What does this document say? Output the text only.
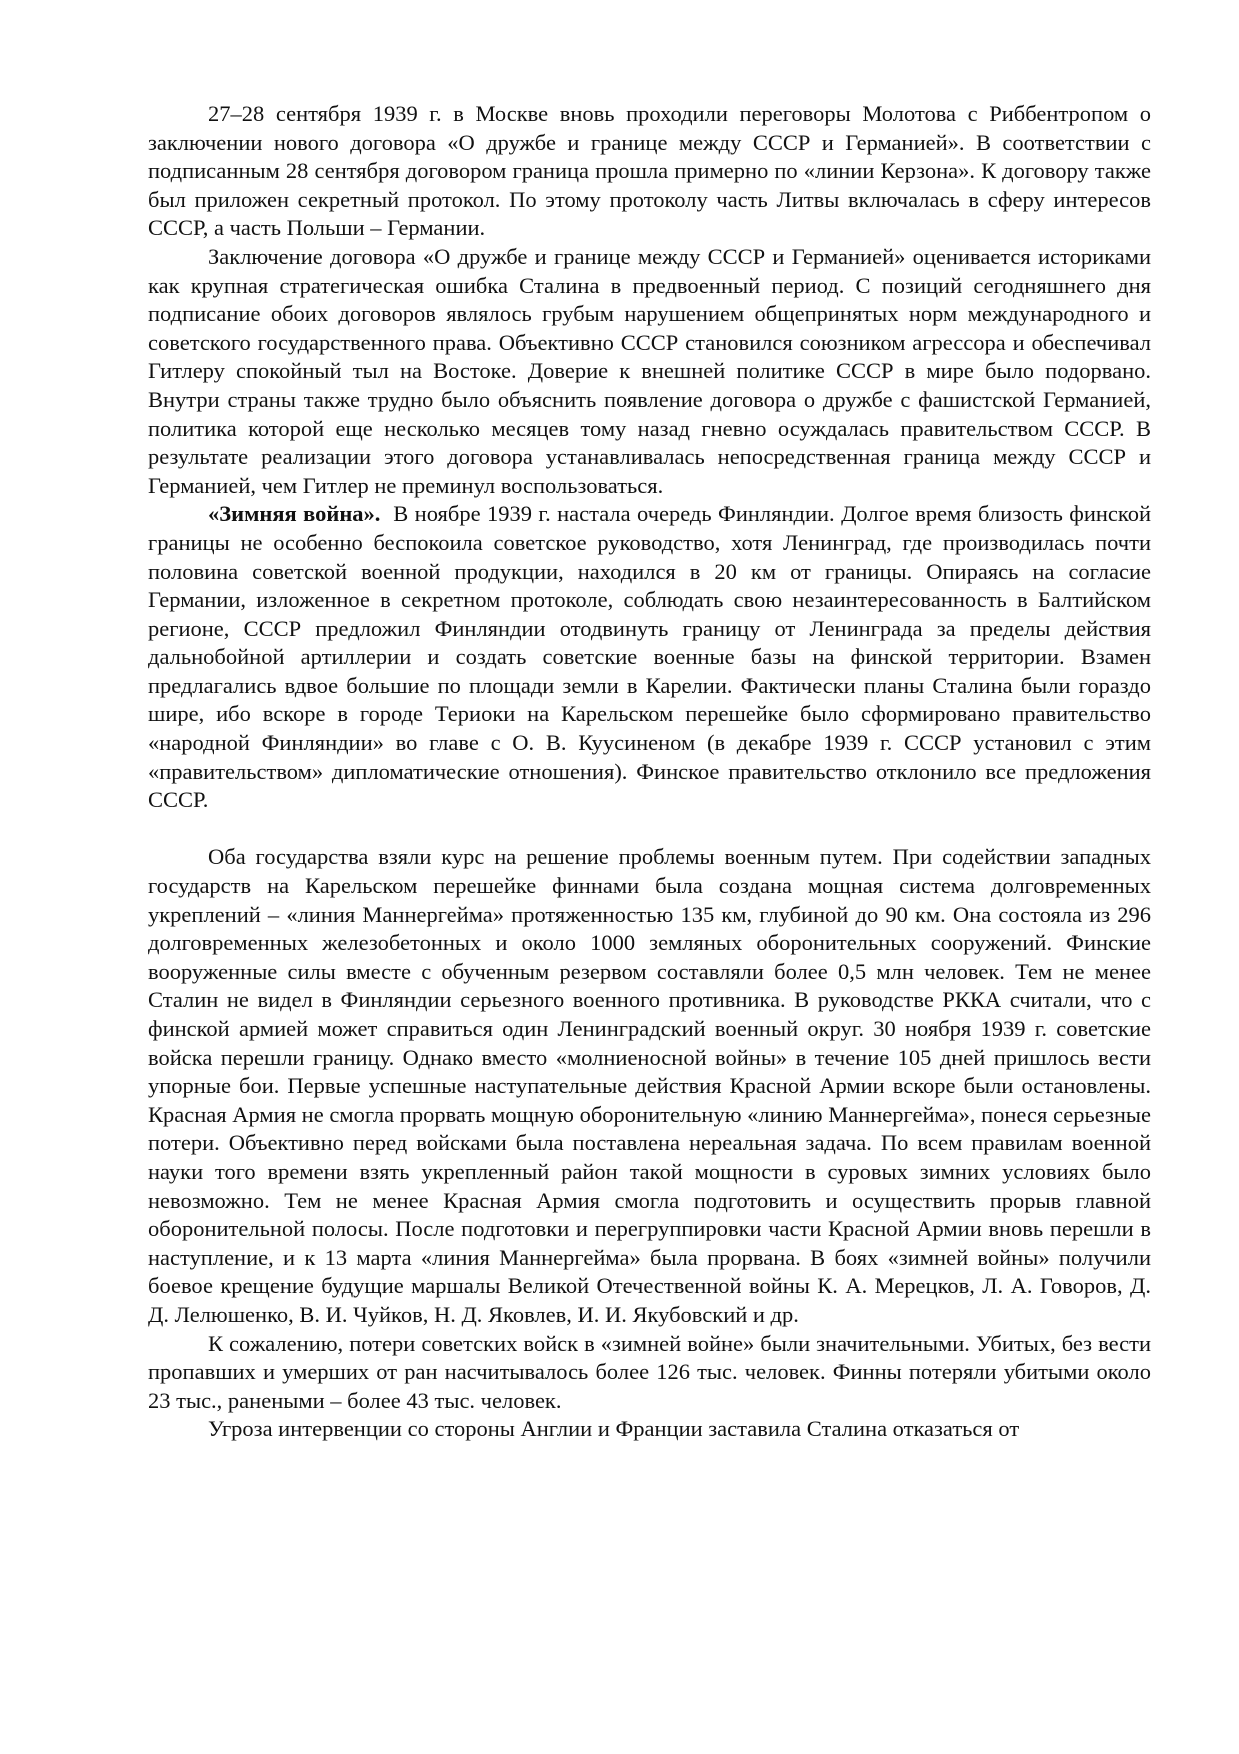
27–28 сентября 1939 г. в Москве вновь проходили переговоры Молотова с Риббентропом о заключении нового договора «О дружбе и границе между СССР и Германией». В соответствии с подписанным 28 сентября договором граница прошла примерно по «линии Керзона». К договору также был приложен секретный протокол. По этому протоколу часть Литвы включалась в сферу интересов СССР, а часть Польши – Германии.

Заключение договора «О дружбе и границе между СССР и Германией» оценивается историками как крупная стратегическая ошибка Сталина в предвоенный период. С позиций сегодняшнего дня подписание обоих договоров являлось грубым нарушением общепринятых норм международного и советского государственного права. Объективно СССР становился союзником агрессора и обеспечивал Гитлеру спокойный тыл на Востоке. Доверие к внешней политике СССР в мире было подорвано. Внутри страны также трудно было объяснить появление договора о дружбе с фашистской Германией, политика которой еще несколько месяцев тому назад гневно осуждалась правительством СССР. В результате реализации этого договора устанавливалась непосредственная граница между СССР и Германией, чем Гитлер не преминул воспользоваться.

«Зимняя война». В ноябре 1939 г. настала очередь Финляндии. Долгое время близость финской границы не особенно беспокоила советское руководство, хотя Ленинград, где производилась почти половина советской военной продукции, находился в 20 км от границы. Опираясь на согласие Германии, изложенное в секретном протоколе, соблюдать свою незаинтересованность в Балтийском регионе, СССР предложил Финляндии отодвинуть границу от Ленинграда за пределы действия дальнобойной артиллерии и создать советские военные базы на финской территории. Взамен предлагались вдвое большие по площади земли в Карелии. Фактически планы Сталина были гораздо шире, ибо вскоре в городе Териоки на Карельском перешейке было сформировано правительство «народной Финляндии» во главе с О. В. Куусиненом (в декабре 1939 г. СССР установил с этим «правительством» дипломатические отношения). Финское правительство отклонило все предложения СССР.

Оба государства взяли курс на решение проблемы военным путем. При содействии западных государств на Карельском перешейке финнами была создана мощная система долговременных укреплений – «линия Маннергейма» протяженностью 135 км, глубиной до 90 км. Она состояла из 296 долговременных железобетонных и около 1000 земляных оборонительных сооружений. Финские вооруженные силы вместе с обученным резервом составляли более 0,5 млн человек. Тем не менее Сталин не видел в Финляндии серьезного военного противника. В руководстве РККА считали, что с финской армией может справиться один Ленинградский военный округ. 30 ноября 1939 г. советские войска перешли границу. Однако вместо «молниеносной войны» в течение 105 дней пришлось вести упорные бои. Первые успешные наступательные действия Красной Армии вскоре были остановлены. Красная Армия не смогла прорвать мощную оборонительную «линию Маннергейма», понеся серьезные потери. Объективно перед войсками была поставлена нереальная задача. По всем правилам военной науки того времени взять укрепленный район такой мощности в суровых зимних условиях было невозможно. Тем не менее Красная Армия смогла подготовить и осуществить прорыв главной оборонительной полосы. После подготовки и перегруппировки части Красной Армии вновь перешли в наступление, и к 13 марта «линия Маннергейма» была прорвана. В боях «зимней войны» получили боевое крещение будущие маршалы Великой Отечественной войны К. А. Мерецков, Л. А. Говоров, Д. Д. Лелюшенко, В. И. Чуйков, Н. Д. Яковлев, И. И. Якубовский и др.

К сожалению, потери советских войск в «зимней войне» были значительными. Убитых, без вести пропавших и умерших от ран насчитывалось более 126 тыс. человек. Финны потеряли убитыми около 23 тыс., ранеными – более 43 тыс. человек.

Угроза интервенции со стороны Англии и Франции заставила Сталина отказаться от
